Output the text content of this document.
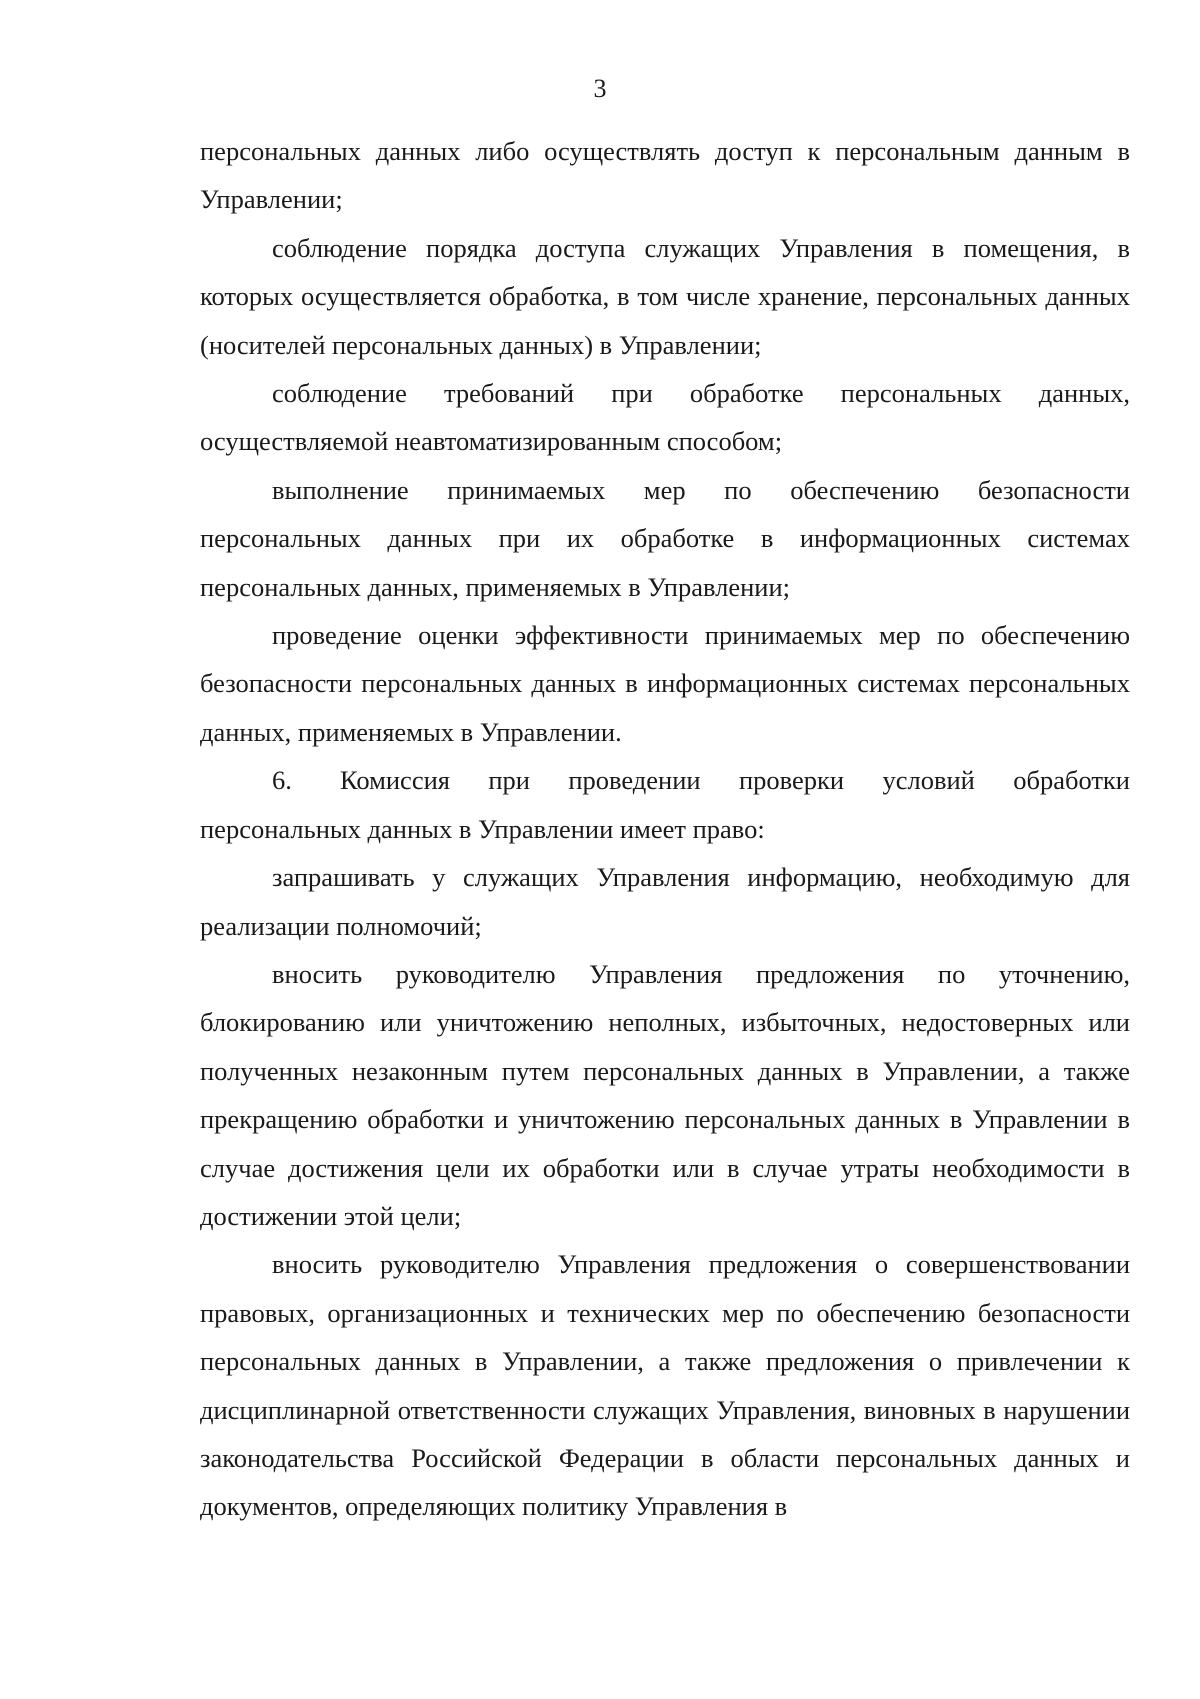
3

персональных данных либо осуществлять доступ к персональным данным в Управлении;

соблюдение порядка доступа служащих Управления в помещения, в которых осуществляется обработка, в том числе хранение, персональных данных (носителей персональных данных) в Управлении;

соблюдение требований при обработке персональных данных, осуществляемой неавтоматизированным способом;

выполнение принимаемых мер по обеспечению безопасности персональных данных при их обработке в информационных системах персональных данных, применяемых в Управлении;

проведение оценки эффективности принимаемых мер по обеспечению безопасности персональных данных в информационных системах персональных данных, применяемых в Управлении.

6. Комиссия при проведении проверки условий обработки персональных данных в Управлении имеет право:

запрашивать у служащих Управления информацию, необходимую для реализации полномочий;

вносить руководителю Управления предложения по уточнению, блокированию или уничтожению неполных, избыточных, недостоверных или полученных незаконным путем персональных данных в Управлении, а также прекращению обработки и уничтожению персональных данных в Управлении в случае достижения цели их обработки или в случае утраты необходимости в достижении этой цели;

вносить руководителю Управления предложения о совершенствовании правовых, организационных и технических мер по обеспечению безопасности персональных данных в Управлении, а также предложения о привлечении к дисциплинарной ответственности служащих Управления, виновных в нарушении законодательства Российской Федерации в области персональных данных и документов, определяющих политику Управления в
